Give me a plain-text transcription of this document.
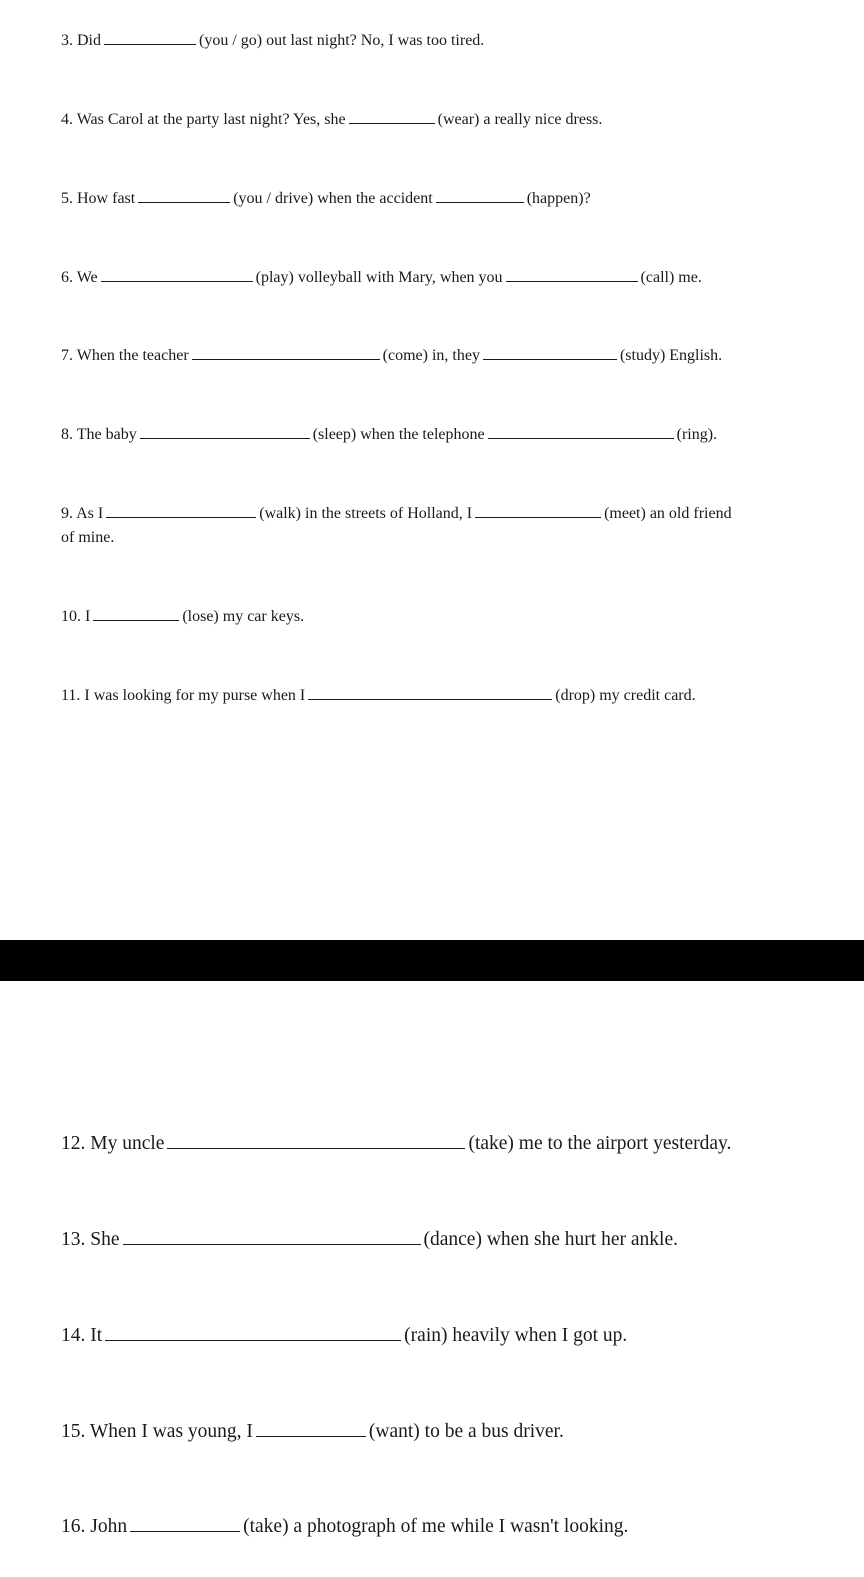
3. Did	(you / go) out last night? No, I was too tired.
4. Was Carol at the party last night? Yes, she	(wear) a really nice dress.
5. How fast	(you / drive) when the accident	(happen)?
6. We	(play) volleyball with Mary, when you	(call) me.
7. When the teacher	(come) in, they	(study) English.
8. The baby	(sleep) when the telephone	(ring).
9. As I	(walk) in the streets of Holland, I	(meet) an old friend
of mine.
10. I	(lose) my car keys.
11. I was looking for my purse when I	(drop) my credit card.
12. My uncle	(take) me to the airport yesterday.
13. She	(dance) when she hurt her ankle.
14. It	(rain) heavily when I got up.
15. When I was young, I	(want) to be a bus driver.
16. John	(take) a photograph of me while I wasn't looking.
